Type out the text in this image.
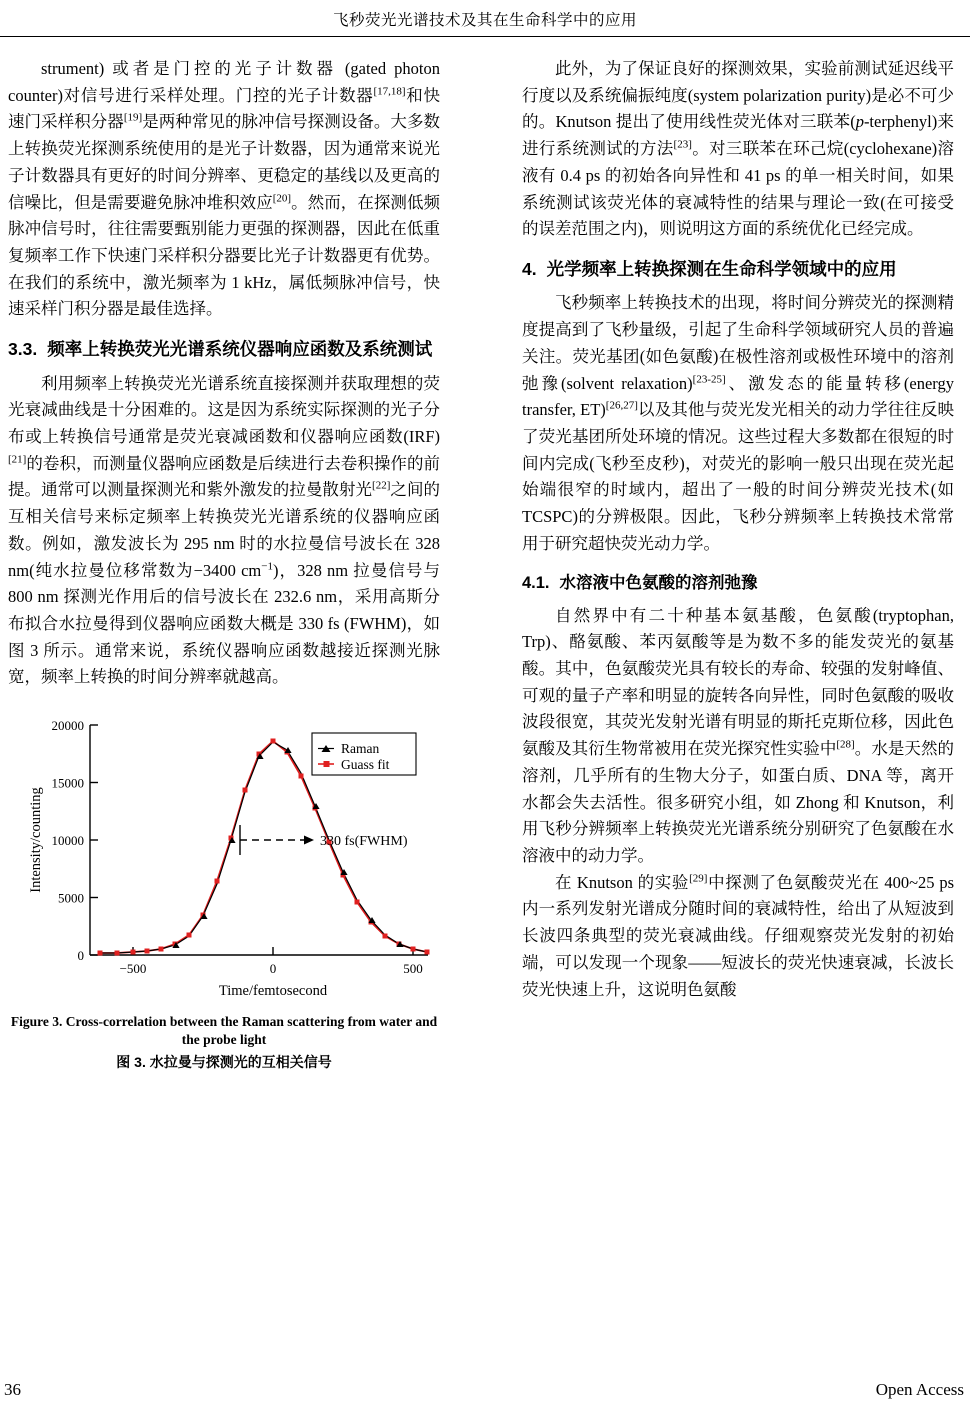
飞秒荧光光谱技术及其在生命科学中的应用

strument) 或者是门控的光子计数器 (gated photon counter)对信号进行采样处理。门控的光子计数器[17,18]和快速门采样积分器[19]是两种常见的脉冲信号探测设备。大多数上转换荧光探测系统使用的是光子计数器，因为通常来说光子计数器具有更好的时间分辨率、更稳定的基线以及更高的信噪比，但是需要避免脉冲堆积效应[20]。然而，在探测低频脉冲信号时，往往需要甄别能力更强的探测器，因此在低重复频率工作下快速门采样积分器要比光子计数器更有优势。在我们的系统中，激光频率为 1 kHz，属低频脉冲信号，快速采样门积分器是最佳选择。

3.3. 频率上转换荧光光谱系统仪器响应函数及系统测试

利用频率上转换荧光光谱系统直接探测并获取理想的荧光衰减曲线是十分困难的。这是因为系统实际探测的光子分布或上转换信号通常是荧光衰减函数和仪器响应函数(IRF)[21]的卷积，而测量仪器响应函数是后续进行去卷积操作的前提。通常可以测量探测光和紫外激发的拉曼散射光[22]之间的互相关信号来标定频率上转换荧光光谱系统的仪器响应函数。例如，激发波长为 295 nm 时的水拉曼信号波长在 328 nm(纯水拉曼位移常数为−3400 $cm^{-1}$)，328 nm 拉曼信号与 800 nm 探测光作用后的信号波长在 232.6 nm，采用高斯分布拟合水拉曼得到仪器响应函数大概是 330 fs (FWHM)，如图 3 所示。通常来说，系统仪器响应函数越接近探测光脉宽，频率上转换的时间分辨率就越高。

0
5000
10000
15000
20000
−500	0	500
Time/femtosecond
Intensity/counting	330 fs(FWHM)
Raman
Guass fit
Figure 3. Cross-correlation between the Raman scattering from water and the probe light
图 3. 水拉曼与探测光的互相关信号

此外，为了保证良好的探测效果，实验前测试延迟线平行度以及系统偏振纯度(system polarization purity)是必不可少的。Knutson 提出了使用线性荧光体对三联苯(p-terphenyl)来进行系统测试的方法[23]。对三联苯在环己烷(cyclohexane)溶液有 0.4 ps 的初始各向异性和 41 ps 的单一相关时间，如果系统测试该荧光体的衰减特性的结果与理论一致(在可接受的误差范围之内)，则说明这方面的系统优化已经完成。

4. 光学频率上转换探测在生命科学领域中的应用

飞秒频率上转换技术的出现，将时间分辨荧光的探测精度提高到了飞秒量级，引起了生命科学领域研究人员的普遍关注。荧光基团(如色氨酸)在极性溶剂或极性环境中的溶剂弛豫(solvent relaxation)[23-25]、激发态的能量转移(energy transfer, ET)[26,27]以及其他与荧光发光相关的动力学往往反映了荧光基团所处环境的情况。这些过程大多数都在很短的时间内完成(飞秒至皮秒)，对荧光的影响一般只出现在荧光起始端很窄的时域内，超出了一般的时间分辨荧光技术(如TCSPC)的分辨极限。因此，飞秒分辨频率上转换技术常常用于研究超快荧光动力学。

4.1. 水溶液中色氨酸的溶剂弛豫

自然界中有二十种基本氨基酸，色氨酸(tryptophan, Trp)、酪氨酸、苯丙氨酸等是为数不多的能发荧光的氨基酸。其中，色氨酸荧光具有较长的寿命、较强的发射峰值、可观的量子产率和明显的旋转各向异性，同时色氨酸的吸收波段很宽，其荧光发射光谱有明显的斯托克斯位移，因此色氨酸及其衍生物常被用在荧光探究性实验中[28]。水是天然的溶剂，几乎所有的生物大分子，如蛋白质、DNA 等，离开水都会失去活性。很多研究小组，如 Zhong 和 Knutson，利用飞秒分辨频率上转换荧光光谱系统分别研究了色氨酸在水溶液中的动力学。

在 Knutson 的实验[29]中探测了色氨酸荧光在 400~25 ps 内一系列发射光谱成分随时间的衰减特性，给出了从短波到长波四条典型的荧光衰减曲线。仔细观察荧光发射的初始端，可以发现一个现象——短波长的荧光快速衰减，长波长荧光快速上升，这说明色氨酸

36	Open Access
